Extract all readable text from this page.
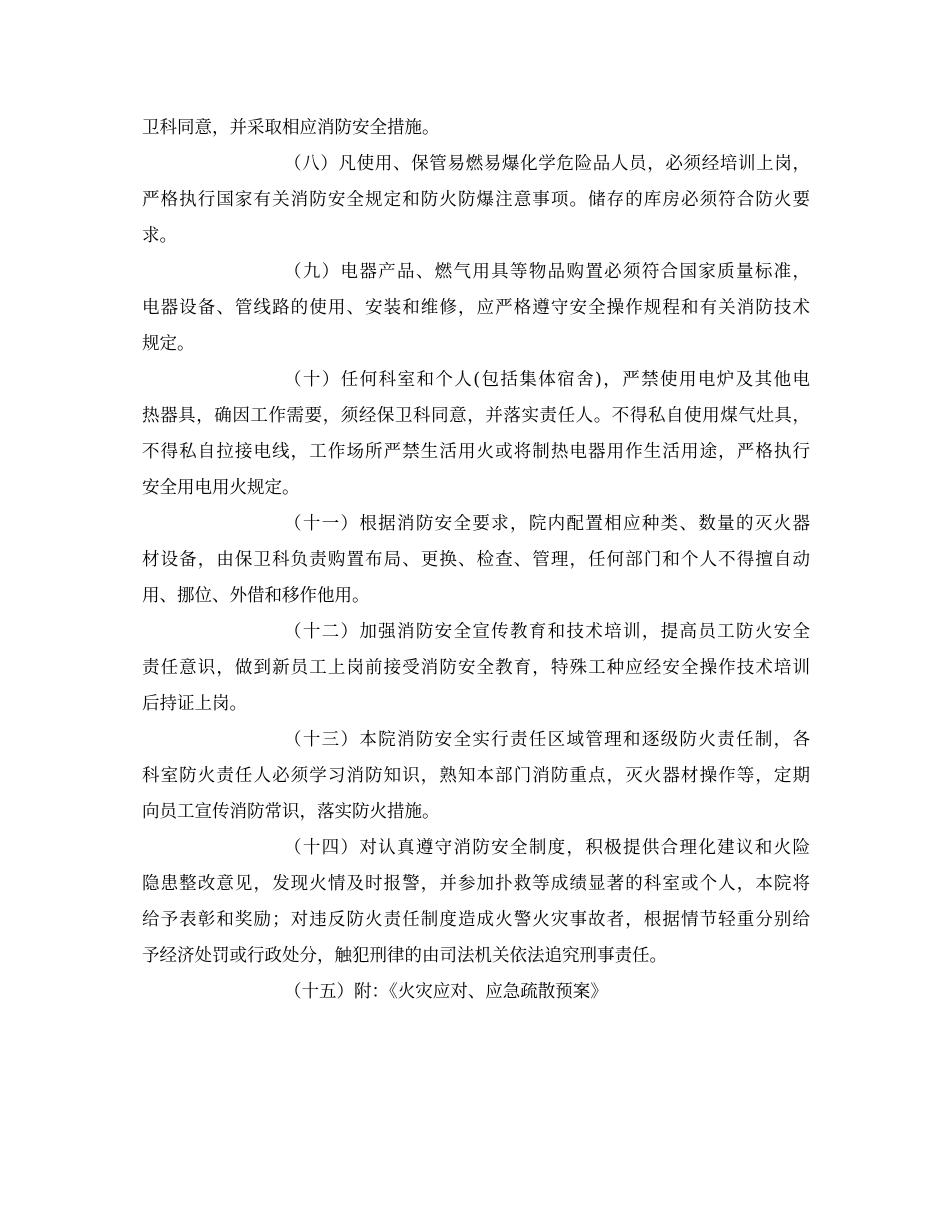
卫科同意，并采取相应消防安全措施。
（八）凡使用、保管易燃易爆化学危险品人员，必须经培训上岗，
严格执行国家有关消防安全规定和防火防爆注意事项。储存的库房必须符合防火要
求。
（九）电器产品、燃气用具等物品购置必须符合国家质量标准，
电器设备、管线路的使用、安装和维修，应严格遵守安全操作规程和有关消防技术
规定。
（十）任何科室和个人(包括集体宿舍)，严禁使用电炉及其他电
热器具，确因工作需要，须经保卫科同意，并落实责任人。不得私自使用煤气灶具，
不得私自拉接电线，工作场所严禁生活用火或将制热电器用作生活用途，严格执行
安全用电用火规定。
（十一）根据消防安全要求，院内配置相应种类、数量的灭火器
材设备，由保卫科负责购置布局、更换、检查、管理，任何部门和个人不得擅自动
用、挪位、外借和移作他用。
（十二）加强消防安全宣传教育和技术培训，提高员工防火安全
责任意识，做到新员工上岗前接受消防安全教育，特殊工种应经安全操作技术培训
后持证上岗。
（十三）本院消防安全实行责任区域管理和逐级防火责任制，各
科室防火责任人必须学习消防知识，熟知本部门消防重点，灭火器材操作等，定期
向员工宣传消防常识，落实防火措施。
（十四）对认真遵守消防安全制度，积极提供合理化建议和火险
隐患整改意见，发现火情及时报警，并参加扑救等成绩显著的科室或个人，本院将
给予表彰和奖励；对违反防火责任制度造成火警火灾事故者，根据情节轻重分别给
予经济处罚或行政处分，触犯刑律的由司法机关依法追究刑事责任。
（十五）附：《火灾应对、应急疏散预案》
